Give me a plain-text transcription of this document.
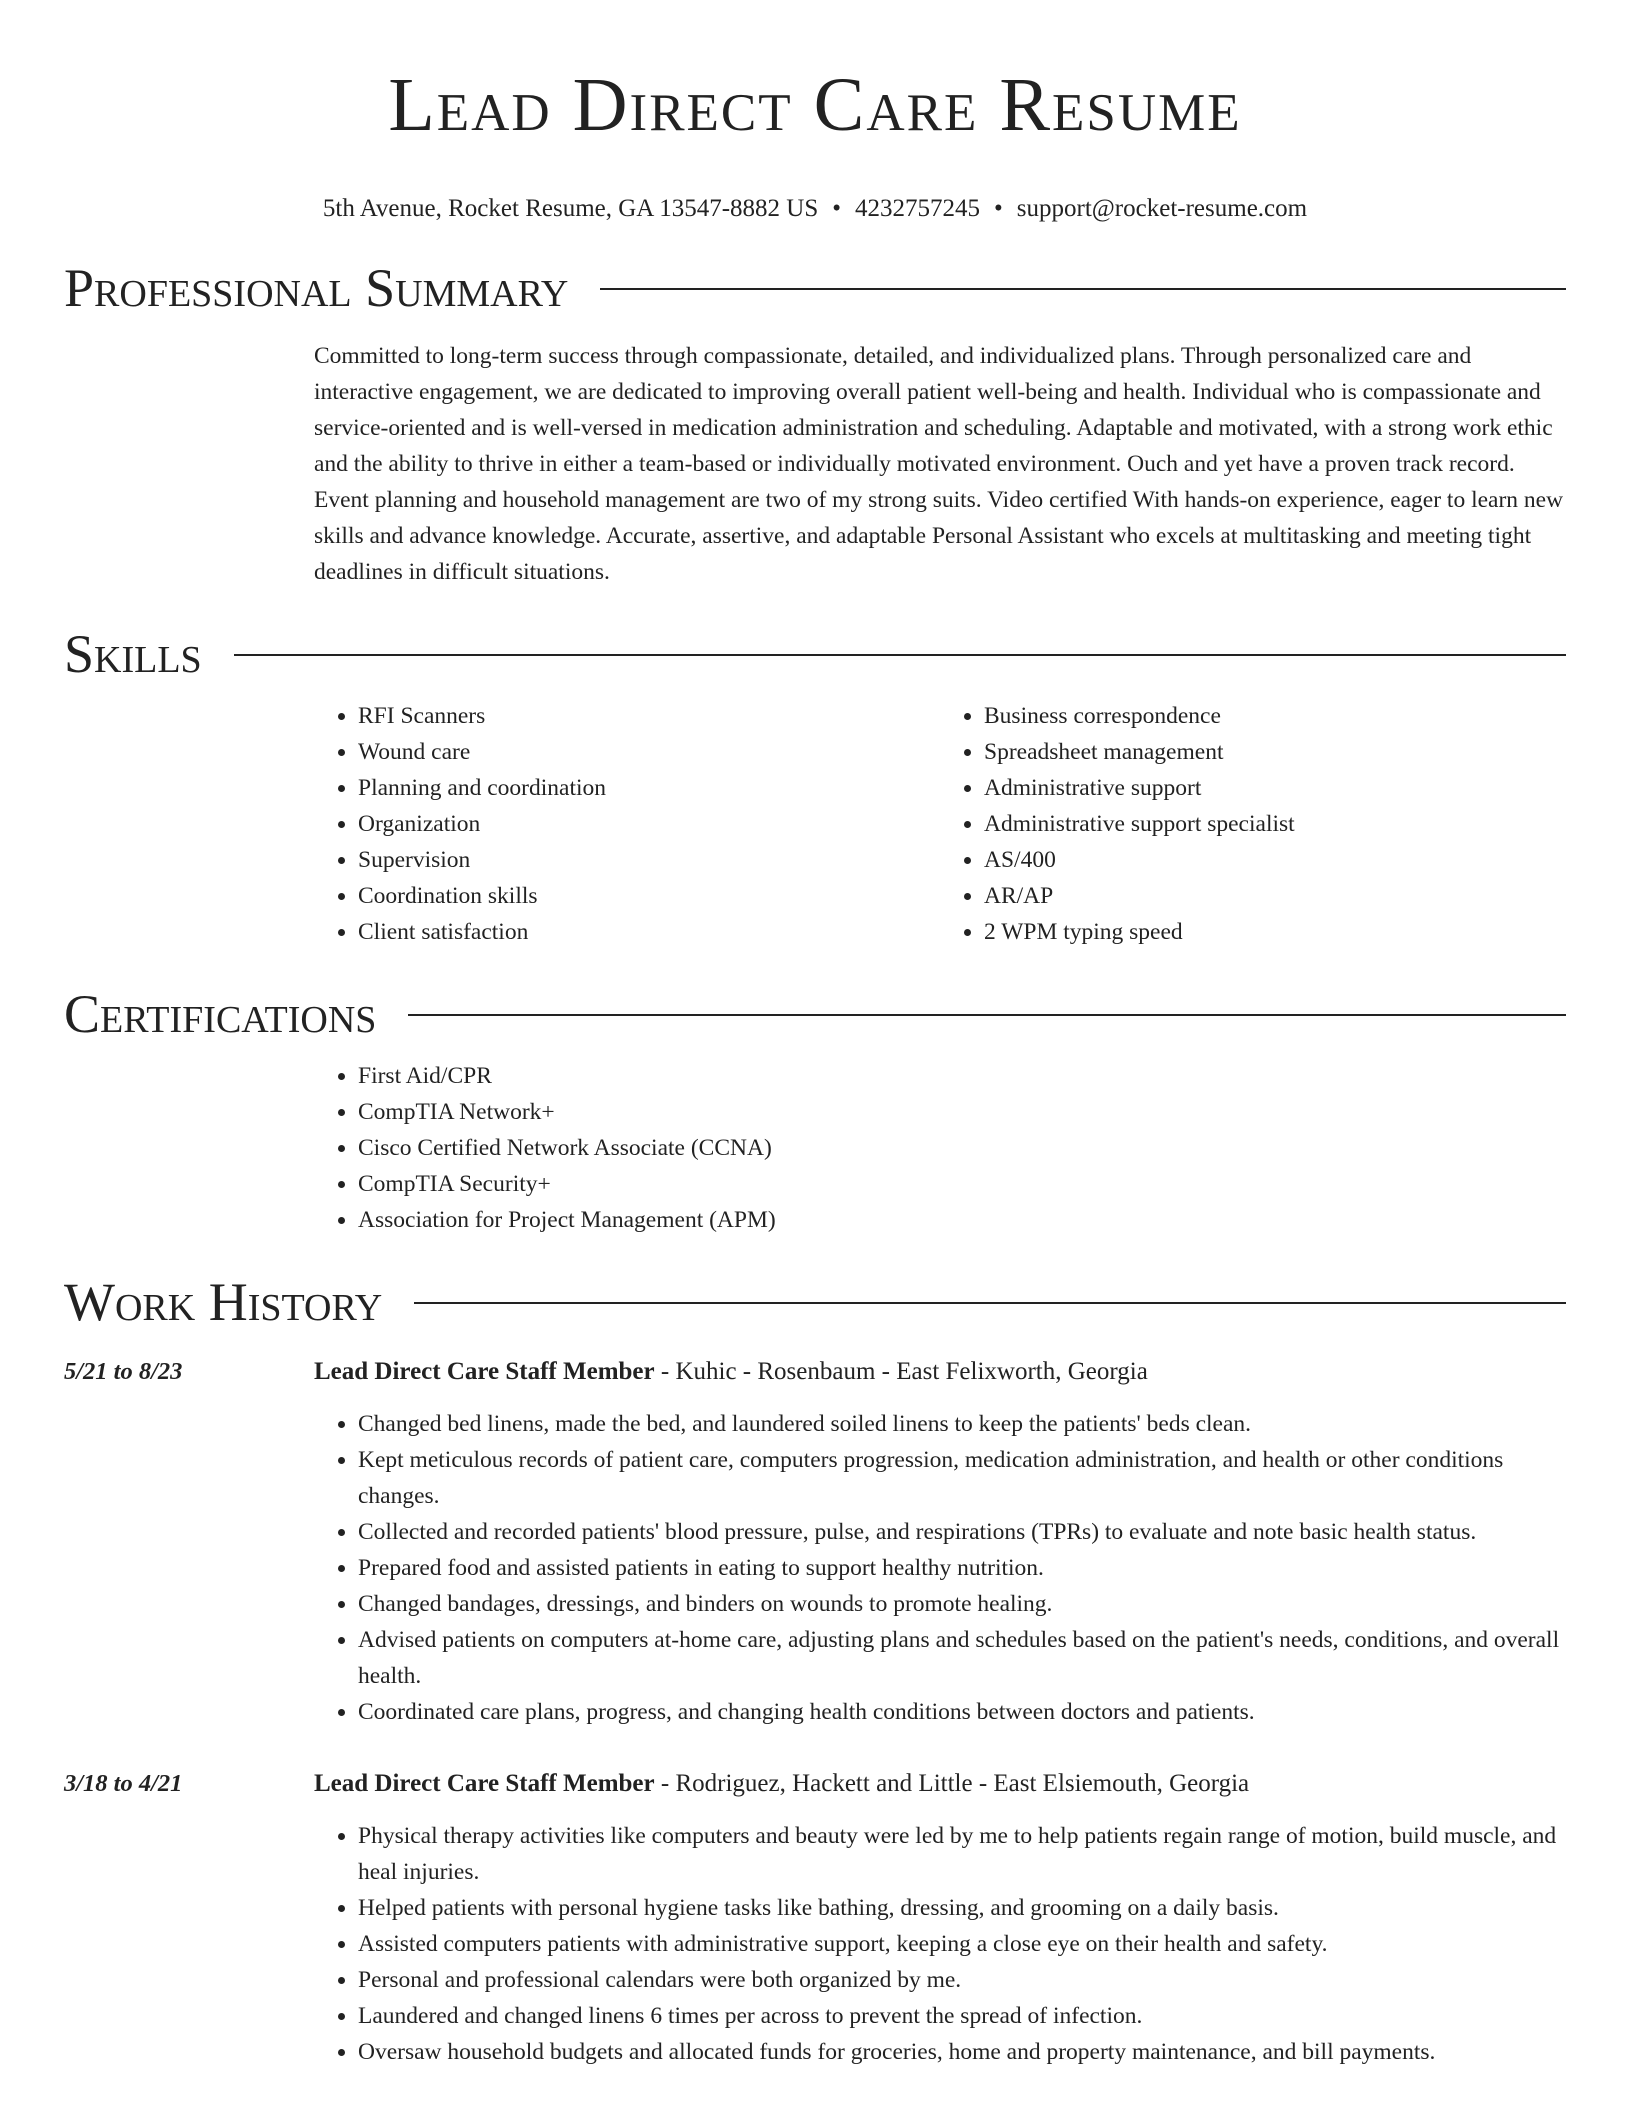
Lead Direct Care Resume
5th Avenue, Rocket Resume, GA 13547-8882 US • 4232757245 • support@rocket-resume.com
Professional Summary

Committed to long-term success through compassionate, detailed, and individualized plans. Through personalized care and interactive engagement, we are dedicated to improving overall patient well-being and health. Individual who is compassionate and service-oriented and is well-versed in medication administration and scheduling. Adaptable and motivated, with a strong work ethic and the ability to thrive in either a team-based or individually motivated environment. Ouch and yet have a proven track record. Event planning and household management are two of my strong suits. Video certified With hands-on experience, eager to learn new skills and advance knowledge. Accurate, assertive, and adaptable Personal Assistant who excels at multitasking and meeting tight deadlines in difficult situations.

Skills
• RFI Scanners
• Wound care
• Planning and coordination
• Organization
• Supervision
• Coordination skills
• Client satisfaction
• Business correspondence
• Spreadsheet management
• Administrative support
• Administrative support specialist
• AS/400
• AR/AP
• 2 WPM typing speed
Certifications
• First Aid/CPR
• CompTIA Network+
• Cisco Certified Network Associate (CCNA)
• CompTIA Security+
• Association for Project Management (APM)
Work History
5/21 to 8/23	Lead Direct Care Staff Member - Kuhic - Rosenbaum - East Felixworth, Georgia
• Changed bed linens, made the bed, and laundered soiled linens to keep the patients' beds clean.
• Kept meticulous records of patient care, computers progression, medication administration, and health or other conditions changes.
• Collected and recorded patients' blood pressure, pulse, and respirations (TPRs) to evaluate and note basic health status.
• Prepared food and assisted patients in eating to support healthy nutrition.
• Changed bandages, dressings, and binders on wounds to promote healing.
• Advised patients on computers at-home care, adjusting plans and schedules based on the patient's needs, conditions, and overall health.
• Coordinated care plans, progress, and changing health conditions between doctors and patients.
3/18 to 4/21	Lead Direct Care Staff Member - Rodriguez, Hackett and Little - East Elsiemouth, Georgia
• Physical therapy activities like computers and beauty were led by me to help patients regain range of motion, build muscle, and heal injuries.
• Helped patients with personal hygiene tasks like bathing, dressing, and grooming on a daily basis.
• Assisted computers patients with administrative support, keeping a close eye on their health and safety.
• Personal and professional calendars were both organized by me.
• Laundered and changed linens 6 times per across to prevent the spread of infection.
• Oversaw household budgets and allocated funds for groceries, home and property maintenance, and bill payments.
